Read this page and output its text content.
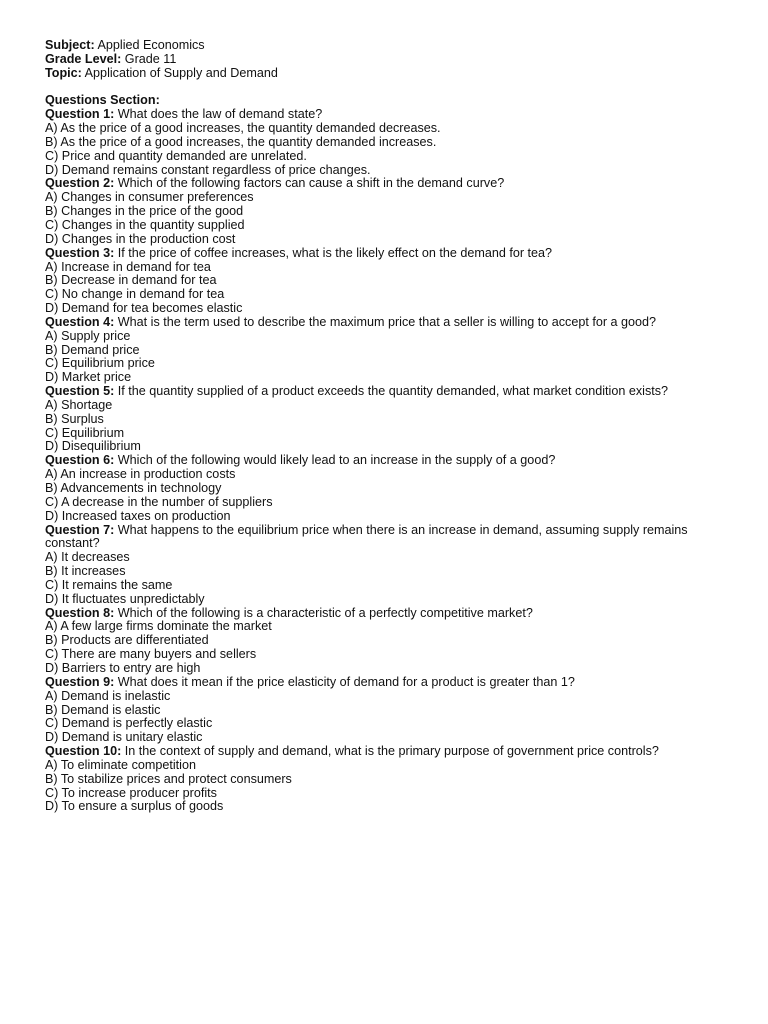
Subject: Applied Economics
Grade Level: Grade 11
Topic: Application of Supply and Demand
Questions Section:
Question 1: What does the law of demand state?
A) As the price of a good increases, the quantity demanded decreases.
B) As the price of a good increases, the quantity demanded increases.
C) Price and quantity demanded are unrelated.
D) Demand remains constant regardless of price changes.
Question 2: Which of the following factors can cause a shift in the demand curve?
A) Changes in consumer preferences
B) Changes in the price of the good
C) Changes in the quantity supplied
D) Changes in the production cost
Question 3: If the price of coffee increases, what is the likely effect on the demand for tea?
A) Increase in demand for tea
B) Decrease in demand for tea
C) No change in demand for tea
D) Demand for tea becomes elastic
Question 4: What is the term used to describe the maximum price that a seller is willing to accept for a good?
A) Supply price
B) Demand price
C) Equilibrium price
D) Market price
Question 5: If the quantity supplied of a product exceeds the quantity demanded, what market condition exists?
A) Shortage
B) Surplus
C) Equilibrium
D) Disequilibrium
Question 6: Which of the following would likely lead to an increase in the supply of a good?
A) An increase in production costs
B) Advancements in technology
C) A decrease in the number of suppliers
D) Increased taxes on production
Question 7: What happens to the equilibrium price when there is an increase in demand, assuming supply remains constant?
A) It decreases
B) It increases
C) It remains the same
D) It fluctuates unpredictably
Question 8: Which of the following is a characteristic of a perfectly competitive market?
A) A few large firms dominate the market
B) Products are differentiated
C) There are many buyers and sellers
D) Barriers to entry are high
Question 9: What does it mean if the price elasticity of demand for a product is greater than 1?
A) Demand is inelastic
B) Demand is elastic
C) Demand is perfectly elastic
D) Demand is unitary elastic
Question 10: In the context of supply and demand, what is the primary purpose of government price controls?
A) To eliminate competition
B) To stabilize prices and protect consumers
C) To increase producer profits
D) To ensure a surplus of goods
